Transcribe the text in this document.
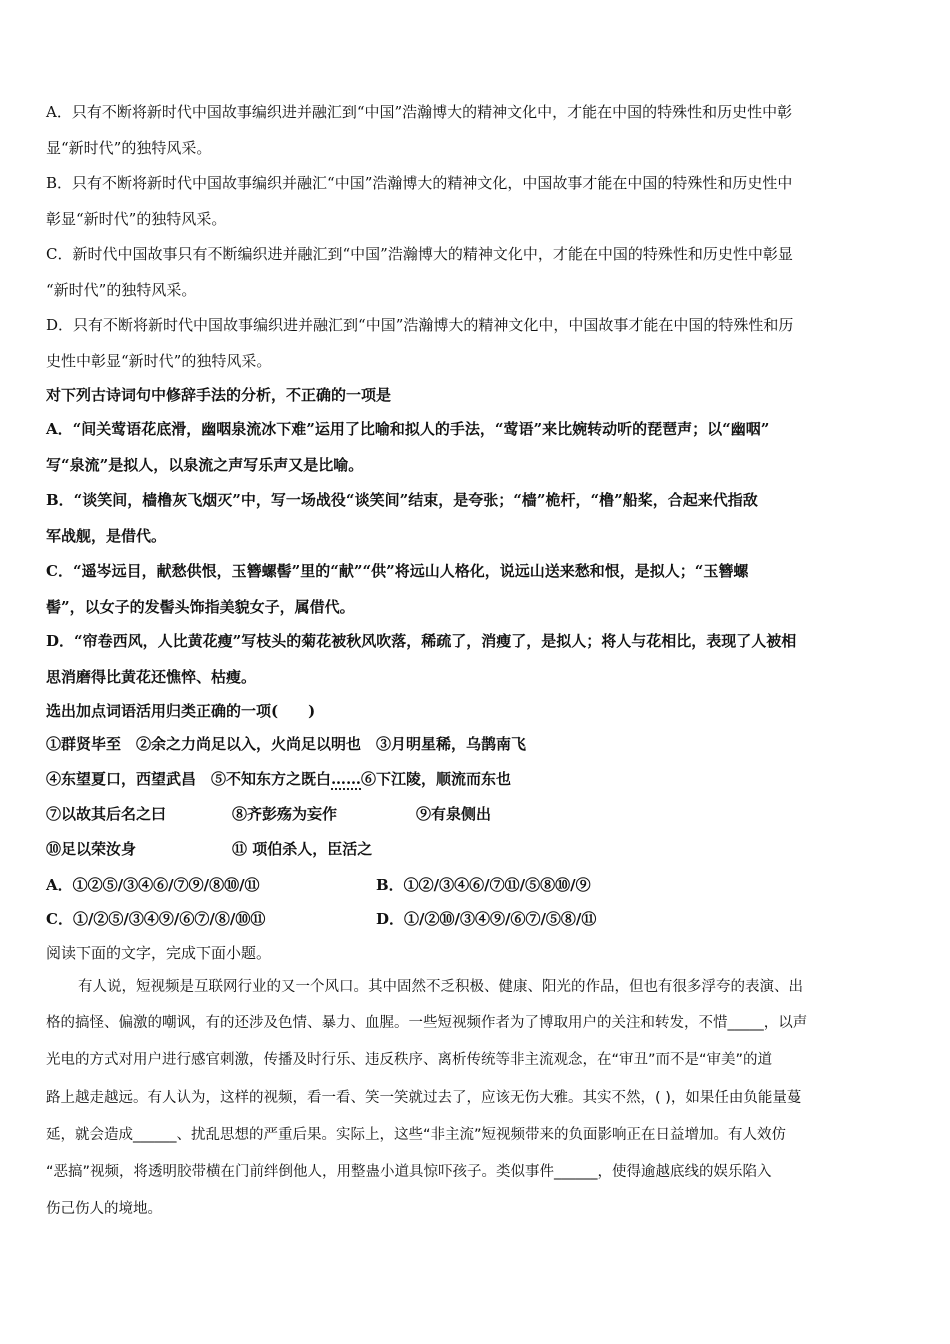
A．只有不断将新时代中国故事编织进并融汇到“中国”浩瀚博大的精神文化中，才能在中国的特殊性和历史性中彰
显“新时代”的独特风采。
B．只有不断将新时代中国故事编织并融汇“中国”浩瀚博大的精神文化，中国故事才能在中国的特殊性和历史性中
彰显“新时代”的独特风采。
C．新时代中国故事只有不断编织进并融汇到“中国”浩瀚博大的精神文化中，才能在中国的特殊性和历史性中彰显
“新时代”的独特风采。
D．只有不断将新时代中国故事编织进并融汇到“中国”浩瀚博大的精神文化中，中国故事才能在中国的特殊性和历
史性中彰显“新时代”的独特风采。
对下列古诗词句中修辞手法的分析，不正确的一项是
A．“间关莺语花底滑，幽咽泉流冰下难”运用了比喻和拟人的手法，“莺语”来比婉转动听的琵琶声；以“幽咽”
写“泉流”是拟人，以泉流之声写乐声又是比喻。
B．“谈笑间，樯橹灰飞烟灭”中，写一场战役“谈笑间”结束，是夸张；“樯”桅杆，“橹”船桨，合起来代指敌
军战舰，是借代。
C．“遥岑远目，献愁供恨，玉簪螺髻”里的“献”“供”将远山人格化，说远山送来愁和恨，是拟人；“玉簪螺
髻”，以女子的发髻头饰指美貌女子，属借代。
D．“帘卷西风，人比黄花瘦”写枝头的菊花被秋风吹落，稀疏了，消瘦了，是拟人；将人与花相比，表现了人被相
思消磨得比黄花还憔悴、枯瘦。
选出加点词语活用归类正确的一项(　　)
①群贤毕至　②余之力尚足以入，火尚足以明也　③月明星稀，乌鹊南飞
④东望夏口，西望武昌　⑤不知东方之既白……⑥下江陵，顺流而东也
⑦以故其后名之曰	⑧齐彭殇为妄作	⑨有泉侧出
⑩足以荣汝身	⑪ 项伯杀人，臣活之
A．①②⑤/③④⑥/⑦⑨/⑧⑩/⑪	B．①②/③④⑥/⑦⑪/⑤⑧⑩/⑨
C．①/②⑤/③④⑨/⑥⑦/⑧/⑩⑪	D．①/②⑩/③④⑨/⑥⑦/⑤⑧/⑪
阅读下面的文字，完成下面小题。
有人说，短视频是互联网行业的又一个风口。其中固然不乏积极、健康、阳光的作品，但也有很多浮夸的表演、出
格的搞怪、偏激的嘲讽，有的还涉及色情、暴力、血腥。一些短视频作者为了博取用户的关注和转发，不惜_____，以声
光电的方式对用户进行感官刺激，传播及时行乐、违反秩序、离析传统等非主流观念，在“审丑”而不是“审美”的道
路上越走越远。有人认为，这样的视频，看一看、笑一笑就过去了，应该无伤大雅。其实不然，( )，如果任由负能量蔓
延，就会造成______、扰乱思想的严重后果。实际上，这些“非主流”短视频带来的负面影响正在日益增加。有人效仿
“恶搞”视频，将透明胶带横在门前绊倒他人，用整蛊小道具惊吓孩子。类似事件______，使得逾越底线的娱乐陷入
伤己伤人的境地。
